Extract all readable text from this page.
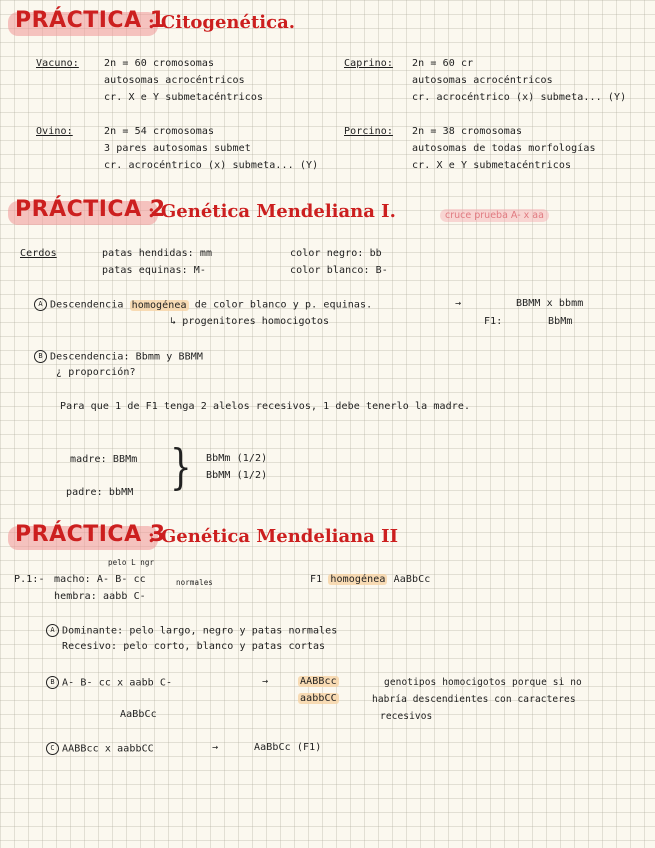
PRÁCTICA 1
: Citogenética.
Vacuno:	2n = 60 cromosomas
autosomas acrocéntricos
cr. X e Y submetacéntricos
Caprino: 2n = 60 cr
autosomas acrocéntricos
cr. acrocéntrico (x) submeta... (Y)
Ovino:	2n = 54 cromosomas
3 pares autosomas submet
cr. acrocéntrico (x) submeta... (Y)
Porcino: 2n = 38 cromosomas
autosomas de todas morfologías
cr. X e Y submetacéntricos
PRÁCTICA 2
: Genética Mendeliana I.	cruce prueba A- x aa
Cerdos	patas hendidas: mm	color negro: bb
patas equinas: M-	color blanco: B-
A Descendencia homogénea de color blanco y p. equinas.	→	BBMM x bbmm
↳ progenitores homocigotos	F1:	BbMm
B Descendencia: Bbmm y BBMM
¿ proporción?
Para que 1 de F1 tenga 2 alelos recesivos, 1 debe tenerlo la madre.
madre: BBMm
padre: bbMM } BbMm (1/2)
BbMM (1/2)
PRÁCTICA 3
: Genética Mendeliana II
pelo L ngr
P.1:- macho: A- B- cc	normales
hembra: aabb C-
F1 homogénea AaBbCc
A Dominante: pelo largo, negro y patas normales
Recesivo: pelo corto, blanco y patas cortas
B A- B- cc x aabb C-	→	AABBcc
aabbCC
genotipos homocigotos porque si no
habría descendientes con caracteres
recesivos
AaBbCc
C AABBcc x aabbCC	→	AaBbCc (F1)
